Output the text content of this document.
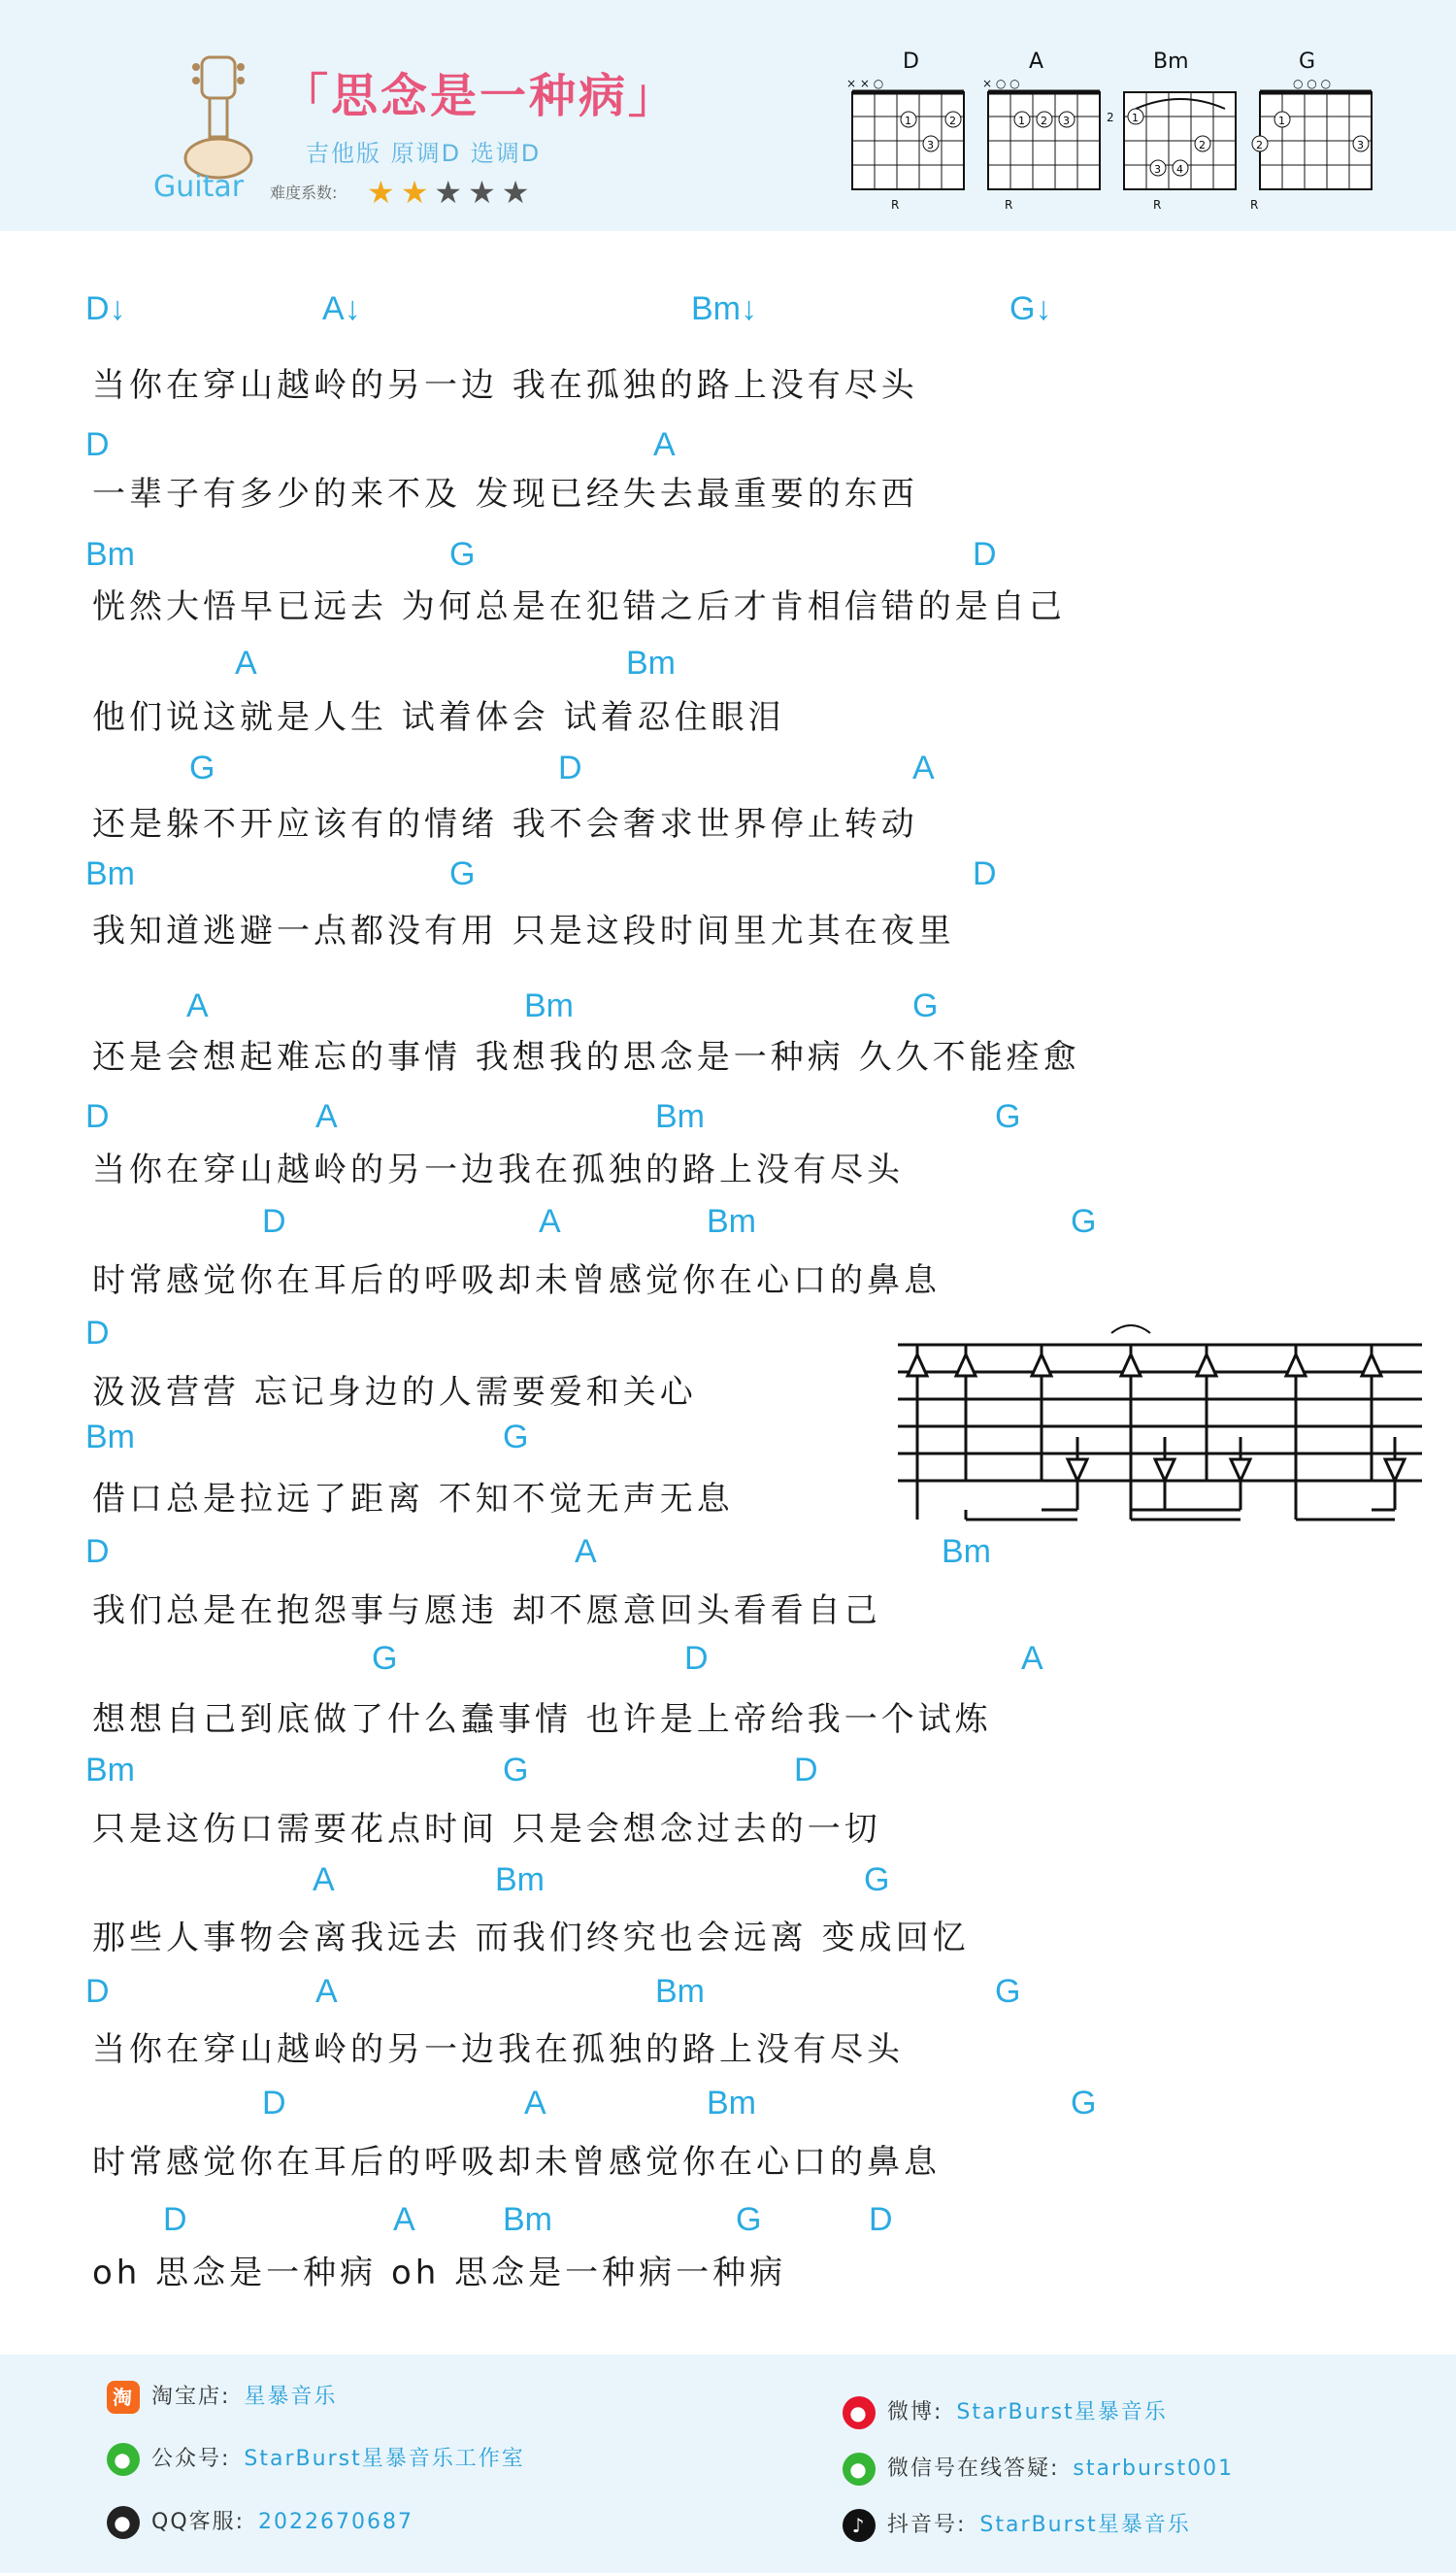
Guitar
「思念是一种病」
吉他版 原调D 选调D
难度系数: ★★★★★
D
× × ○
1	2
3
R
A
× ○ ○
1 2 3
R
Bm
2 1
2
3 4
R
G
○ ○ ○
1
2	3
R
D↓	A↓	Bm↓	G↓
当你在穿山越岭的另一边 我在孤独的路上没有尽头
D	A
一辈子有多少的来不及 发现已经失去最重要的东西
Bm	G	D
恍然大悟早已远去 为何总是在犯错之后才肯相信错的是自己
A	Bm
他们说这就是人生 试着体会 试着忍住眼泪
G	D	A
还是躲不开应该有的情绪 我不会奢求世界停止转动
Bm	G	D
我知道逃避一点都没有用 只是这段时间里尤其在夜里
A	Bm	G
还是会想起难忘的事情 我想我的思念是一种病 久久不能痊愈
D	A	Bm	G
当你在穿山越岭的另一边我在孤独的路上没有尽头
D	A	Bm	G
时常感觉你在耳后的呼吸却未曾感觉你在心口的鼻息
D
汲汲营营 忘记身边的人需要爱和关心
Bm	G
借口总是拉远了距离 不知不觉无声无息
D	A	Bm
我们总是在抱怨事与愿违 却不愿意回头看看自己
G	D	A
想想自己到底做了什么蠢事情 也许是上帝给我一个试炼
Bm	G	D
只是这伤口需要花点时间 只是会想念过去的一切
A	Bm	G
那些人事物会离我远去 而我们终究也会远离 变成回忆
D	A	Bm	G
当你在穿山越岭的另一边我在孤独的路上没有尽头
D	A	Bm	G
时常感觉你在耳后的呼吸却未曾感觉你在心口的鼻息
D	A	Bm	G	D
oh 思念是一种病 oh 思念是一种病一种病
淘 淘宝店: 星暴音乐
● 公众号: StarBurst星暴音乐工作室
● QQ客服: 2022670687
● 微博: StarBurst星暴音乐
● 微信号在线答疑: starburst001
♪ 抖音号: StarBurst星暴音乐
